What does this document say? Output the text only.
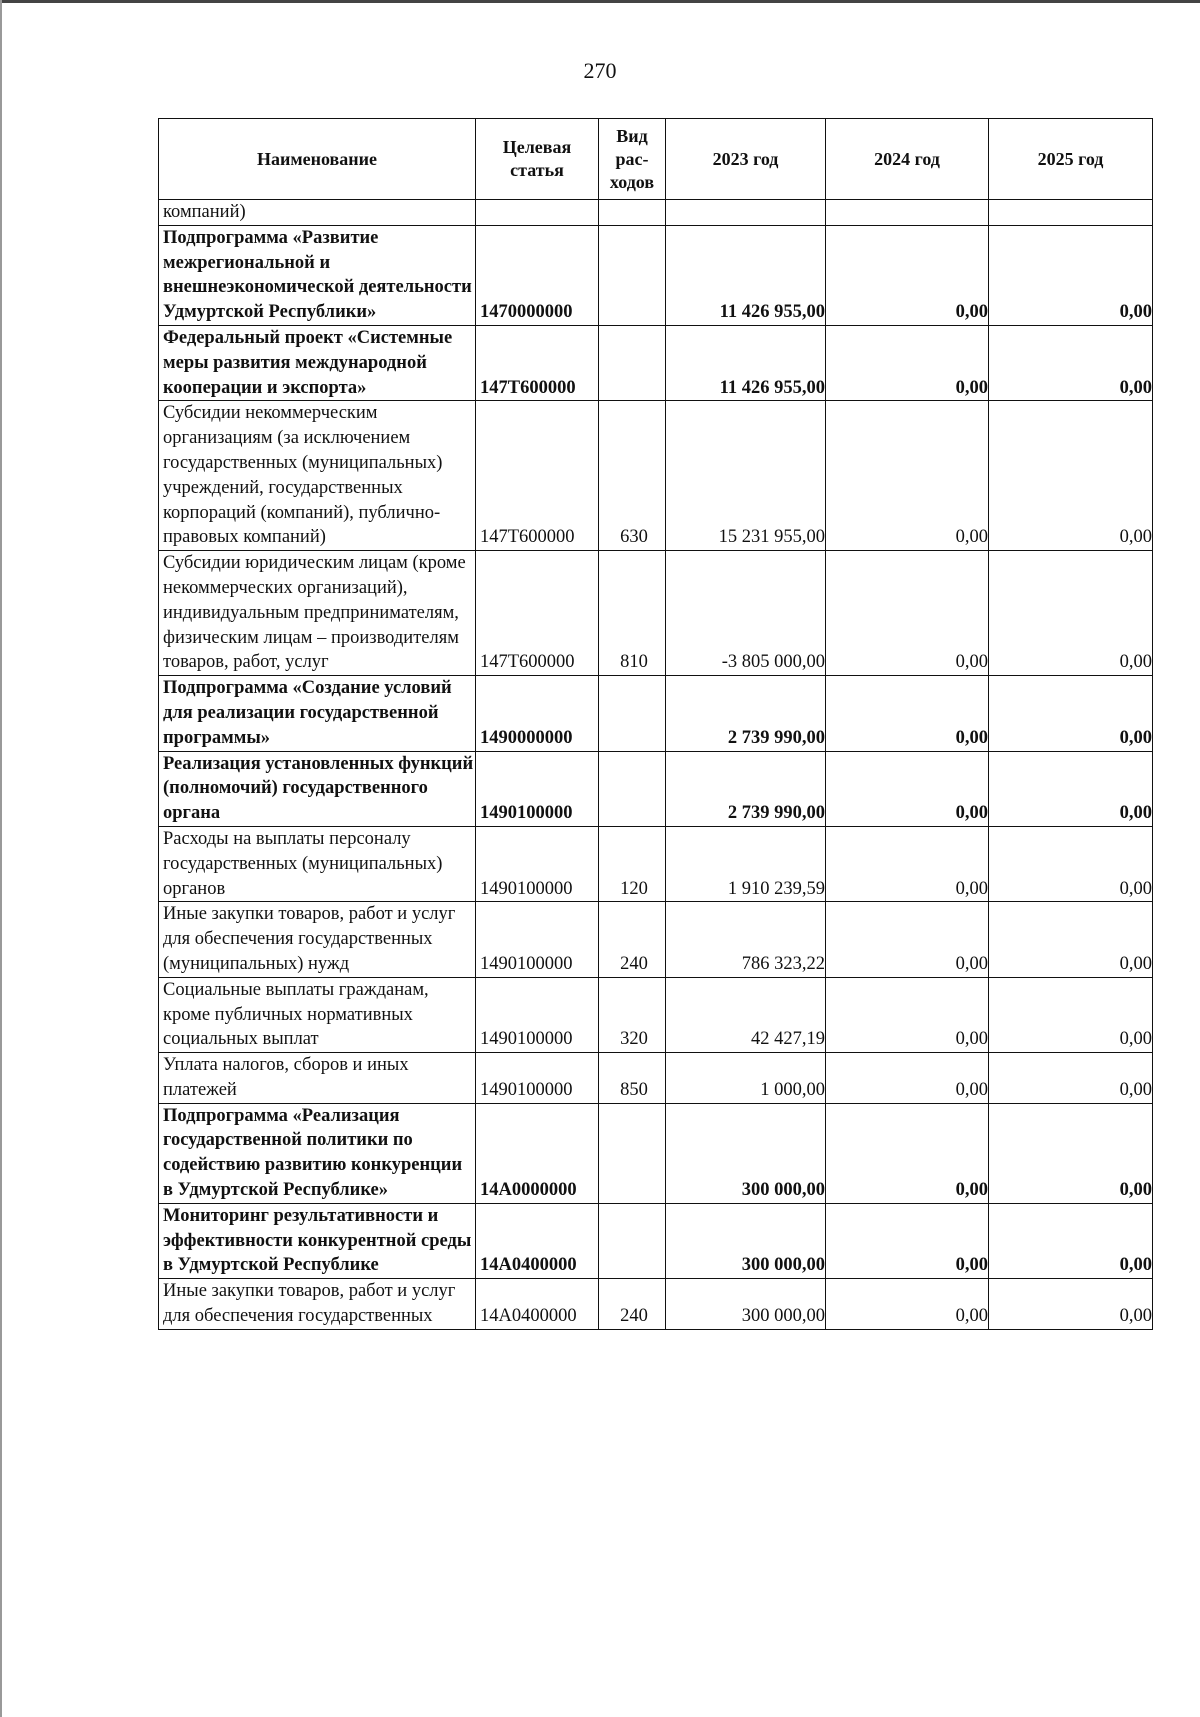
270
Наименование	Целевая статья	Вид рас-ходов	2023 год	2024 год	2025 год
компаний)					
Подпрограмма «Развитие межрегиональной и внешнеэкономической деятельности Удмуртской Республики»	1470000000		11 426 955,00	0,00	0,00
Федеральный проект «Системные меры развития международной кооперации и экспорта»	147Т600000		11 426 955,00	0,00	0,00
Субсидии некоммерческим организациям (за исключением государственных (муниципальных) учреждений, государственных корпораций (компаний), публично-правовых компаний)	147Т600000	630	15 231 955,00	0,00	0,00
Субсидии юридическим лицам (кроме некоммерческих организаций), индивидуальным предпринимателям, физическим лицам – производителям товаров, работ, услуг	147Т600000	810	-3 805 000,00	0,00	0,00
Подпрограмма «Создание условий для реализации государственной программы»	1490000000		2 739 990,00	0,00	0,00
Реализация установленных функций (полномочий) государственного органа	1490100000		2 739 990,00	0,00	0,00
Расходы на выплаты персоналу государственных (муниципальных) органов	1490100000	120	1 910 239,59	0,00	0,00
Иные закупки товаров, работ и услуг для обеспечения государственных (муниципальных) нужд	1490100000	240	786 323,22	0,00	0,00
Социальные выплаты гражданам, кроме публичных нормативных социальных выплат	1490100000	320	42 427,19	0,00	0,00
Уплата налогов, сборов и иных платежей	1490100000	850	1 000,00	0,00	0,00
Подпрограмма «Реализация государственной политики по содействию развитию конкуренции в Удмуртской Республике»	14А0000000		300 000,00	0,00	0,00
Мониторинг результативности и эффективности конкурентной среды в Удмуртской Республике	14А0400000		300 000,00	0,00	0,00
Иные закупки товаров, работ и услуг для обеспечения государственных	14А0400000	240	300 000,00	0,00	0,00
